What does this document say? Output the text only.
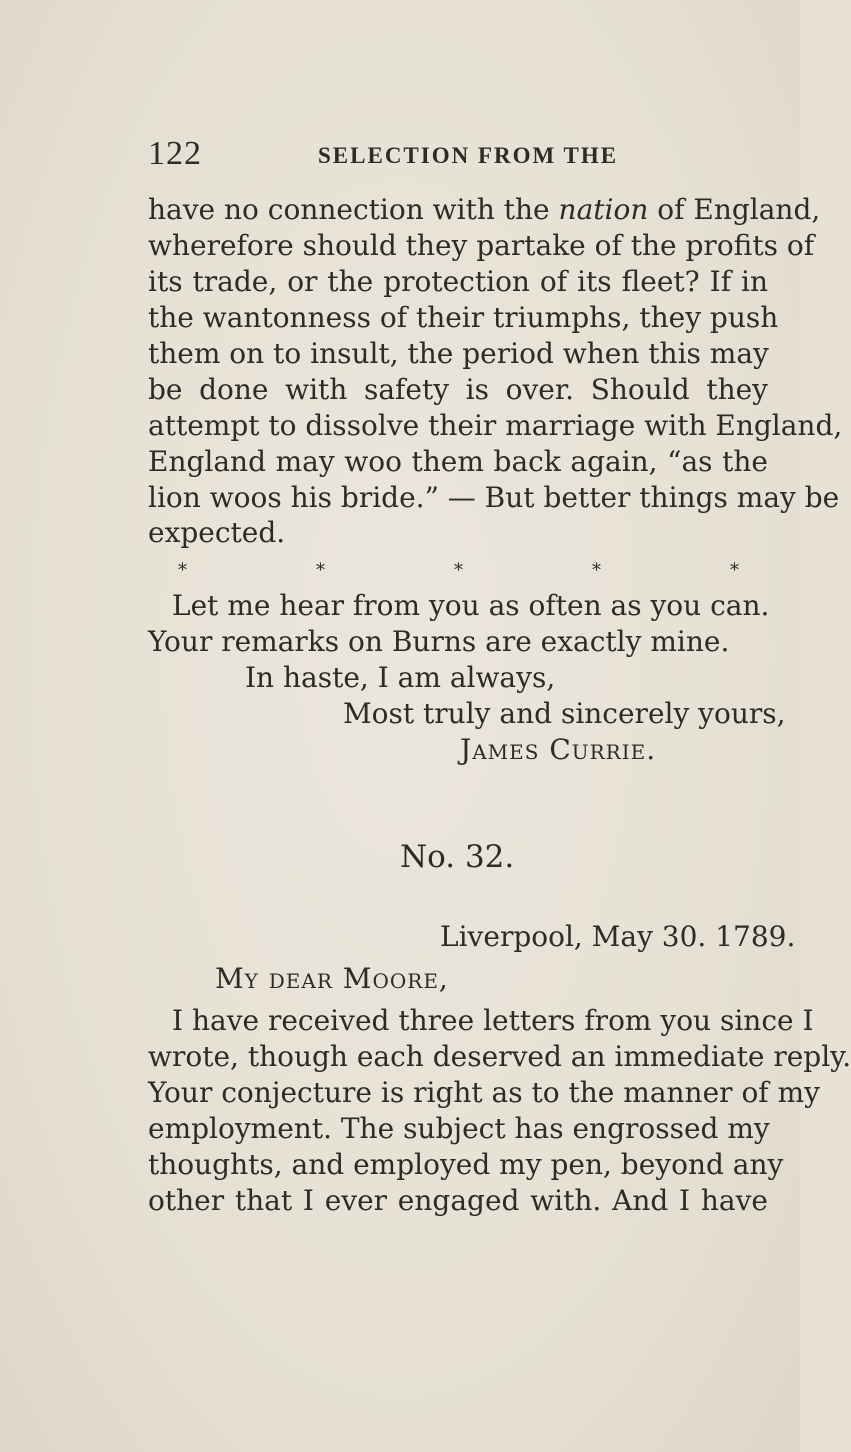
122	SELECTION FROM THE
have no connection with the nation of England,
wherefore should they partake of the profits of
its trade, or the protection of its fleet? If in
the wantonness of their triumphs, they push
them on to insult, the period when this may
be done with safety is over. Should they
attempt to dissolve their marriage with England,
England may woo them back again, “as the
lion woos his bride.” — But better things may be
expected.
*	*	*	*	*
Let me hear from you as often as you can.
Your remarks on Burns are exactly mine.
In haste, I am always,
Most truly and sincerely yours,
James Currie.
No. 32.
Liverpool, May 30. 1789.
My dear Moore,
I have received three letters from you since I
wrote, though each deserved an immediate reply.
Your conjecture is right as to the manner of my
employment. The subject has engrossed my
thoughts, and employed my pen, beyond any
other that I ever engaged with. And I have
